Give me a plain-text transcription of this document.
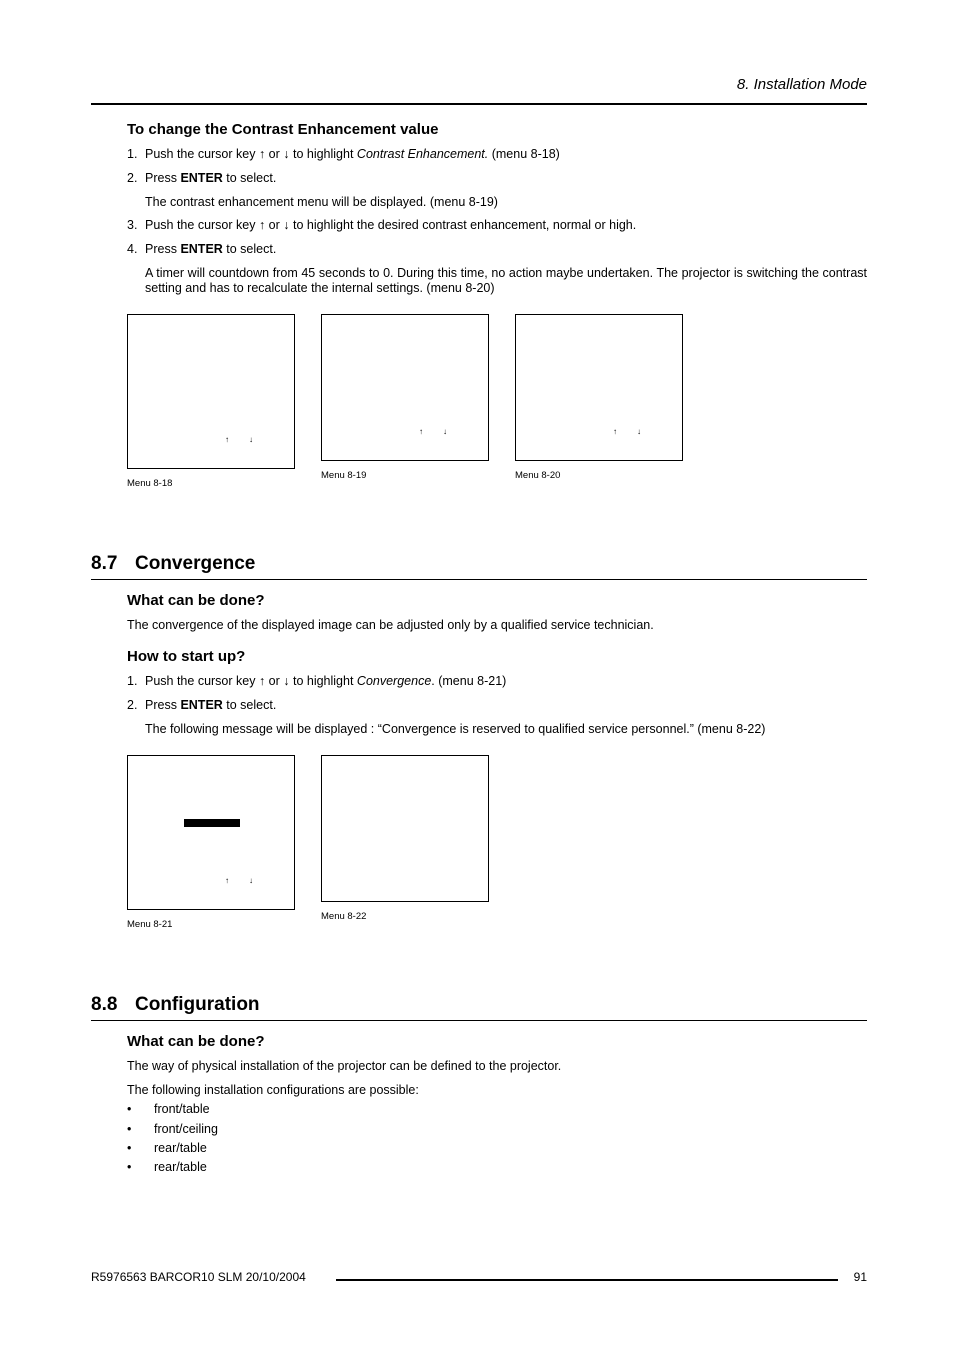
8. Installation Mode
To change the Contrast Enhancement value
1. Push the cursor key ↑ or ↓ to highlight Contrast Enhancement. (menu 8-18)
2. Press ENTER to select.
The contrast enhancement menu will be displayed. (menu 8-19)
3. Push the cursor key ↑ or ↓ to highlight the desired contrast enhancement, normal or high.
4. Press ENTER to select.
A timer will countdown from 45 seconds to 0. During this time, no action maybe undertaken. The projector is switching the contrast setting and has to recalculate the internal settings. (menu 8-20)
↑	↓
Menu 8-18
↑	↓
Menu 8-19
↑	↓
Menu 8-20
8.7 Convergence
What can be done?
The convergence of the displayed image can be adjusted only by a qualified service technician.
How to start up?
1. Push the cursor key ↑ or ↓ to highlight Convergence. (menu 8-21)
2. Press ENTER to select.
The following message will be displayed : “Convergence is reserved to qualified service personnel.” (menu 8-22)
↑	↓
Menu 8-21
Menu 8-22
8.8 Configuration
What can be done?
The way of physical installation of the projector can be defined to the projector.
The following installation configurations are possible:
• front/table
• front/ceiling
• rear/table
• rear/table
R5976563 BARCOR10 SLM 20/10/2004	91
